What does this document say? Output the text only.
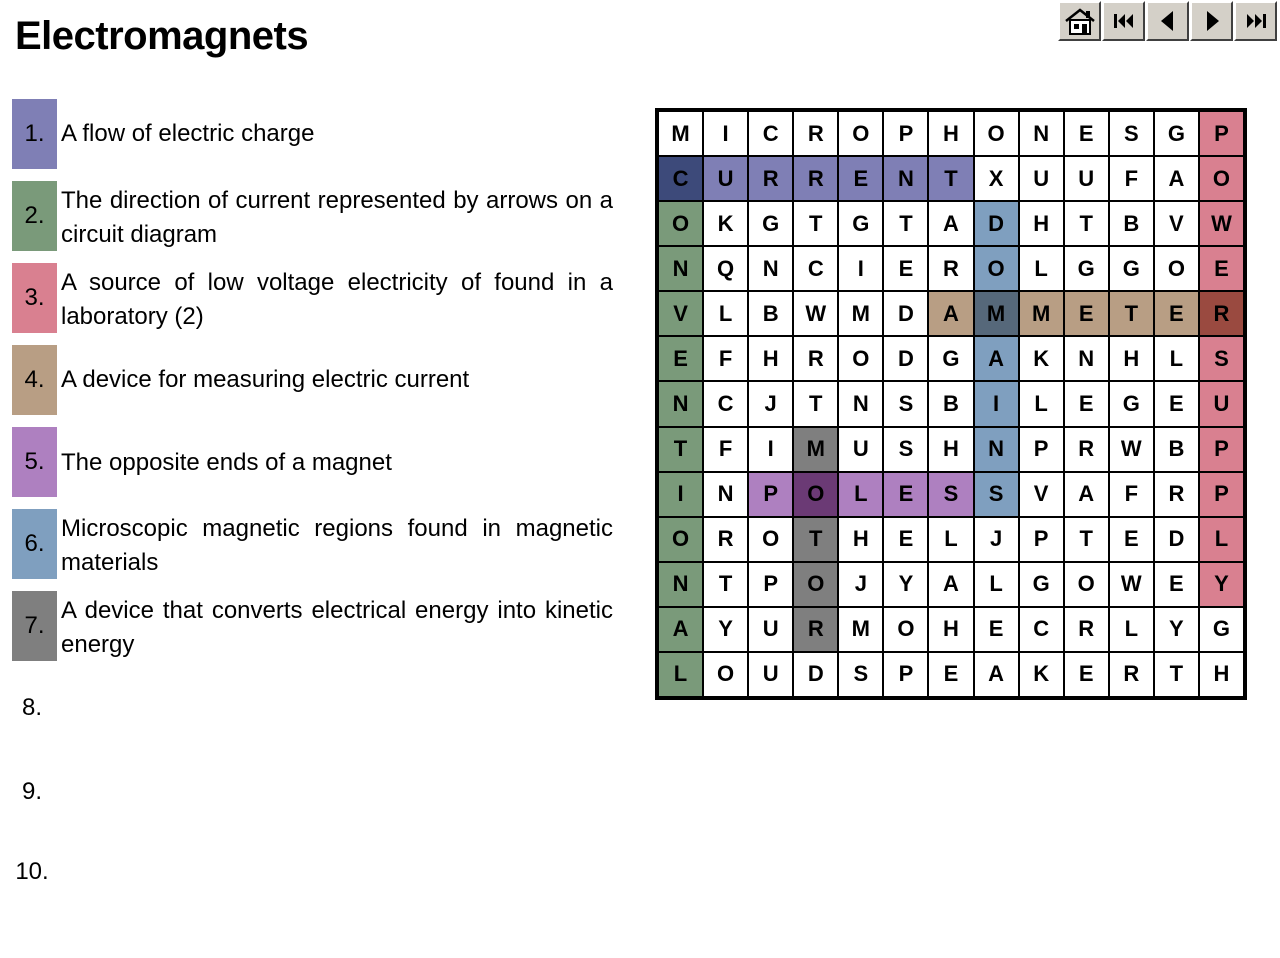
Electromagnets
1. A flow of electric charge
2.
The direction of current represented by arrows on a circuit diagram
3.
A source of low voltage electricity of found in a laboratory (2)
4. A device for measuring electric current
5. The opposite ends of a magnet
6.
Microscopic magnetic regions found in magnetic materials
7.
A device that converts electrical energy into kinetic energy
8.
9.
10.
M	I	C	R	O	P	H	O	N	E	S	G	P
C	U	R	R	E	N	T	X	U	U	F	A	O
O	K	G	T	G	T	A	D	H	T	B	V	W
N	Q	N	C	I	E	R	O	L	G	G	O	E
V	L	B	W	M	D	A	M	M	E	T	E	R
E	F	H	R	O	D	G	A	K	N	H	L	S
N	C	J	T	N	S	B	I	L	E	G	E	U
T	F	I	M	U	S	H	N	P	R	W	B	P
I	N	P	O	L	E	S	S	V	A	F	R	P
O	R	O	T	H	E	L	J	P	T	E	D	L
N	T	P	O	J	Y	A	L	G	O	W	E	Y
A	Y	U	R	M	O	H	E	C	R	L	Y	G
L	O	U	D	S	P	E	A	K	E	R	T	H
